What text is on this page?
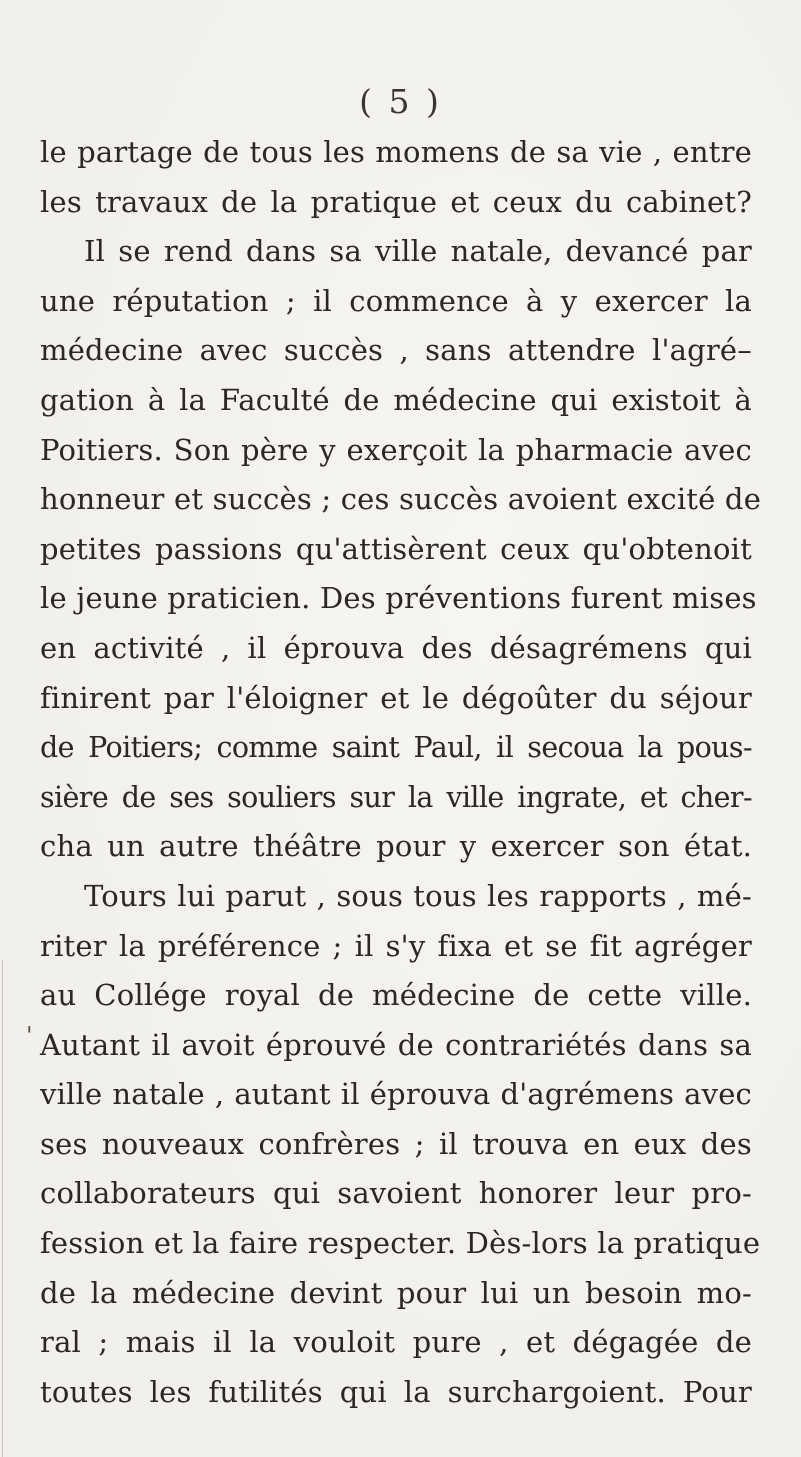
( 5 )
'
le partage de tous les momens de sa vie , entre
les travaux de la pratique et ceux du cabinet?
Il se rend dans sa ville natale, devancé par
une réputation ; il commence à y exercer la
médecine avec succès , sans attendre l'agré–
gation à la Faculté de médecine qui existoit à
Poitiers. Son père y exerçoit la pharmacie avec
honneur et succès ; ces succès avoient excité de
petites passions qu'attisèrent ceux qu'obtenoit
le jeune praticien. Des préventions furent mises
en activité , il éprouva des désagrémens qui
finirent par l'éloigner et le dégoûter du séjour
de Poitiers; comme saint Paul, il secoua la pous-
sière de ses souliers sur la ville ingrate, et cher-
cha un autre théâtre pour y exercer son état.
Tours lui parut , sous tous les rapports , mé-
riter la préférence ; il s'y fixa et se fit agréger
au Collége royal de médecine de cette ville.
Autant il avoit éprouvé de contrariétés dans sa
ville natale , autant il éprouva d'agrémens avec
ses nouveaux confrères ; il trouva en eux des
collaborateurs qui savoient honorer leur pro-
fession et la faire respecter. Dès-lors la pratique
de la médecine devint pour lui un besoin mo-
ral ; mais il la vouloit pure , et dégagée de
toutes les futilités qui la surchargoient. Pour
